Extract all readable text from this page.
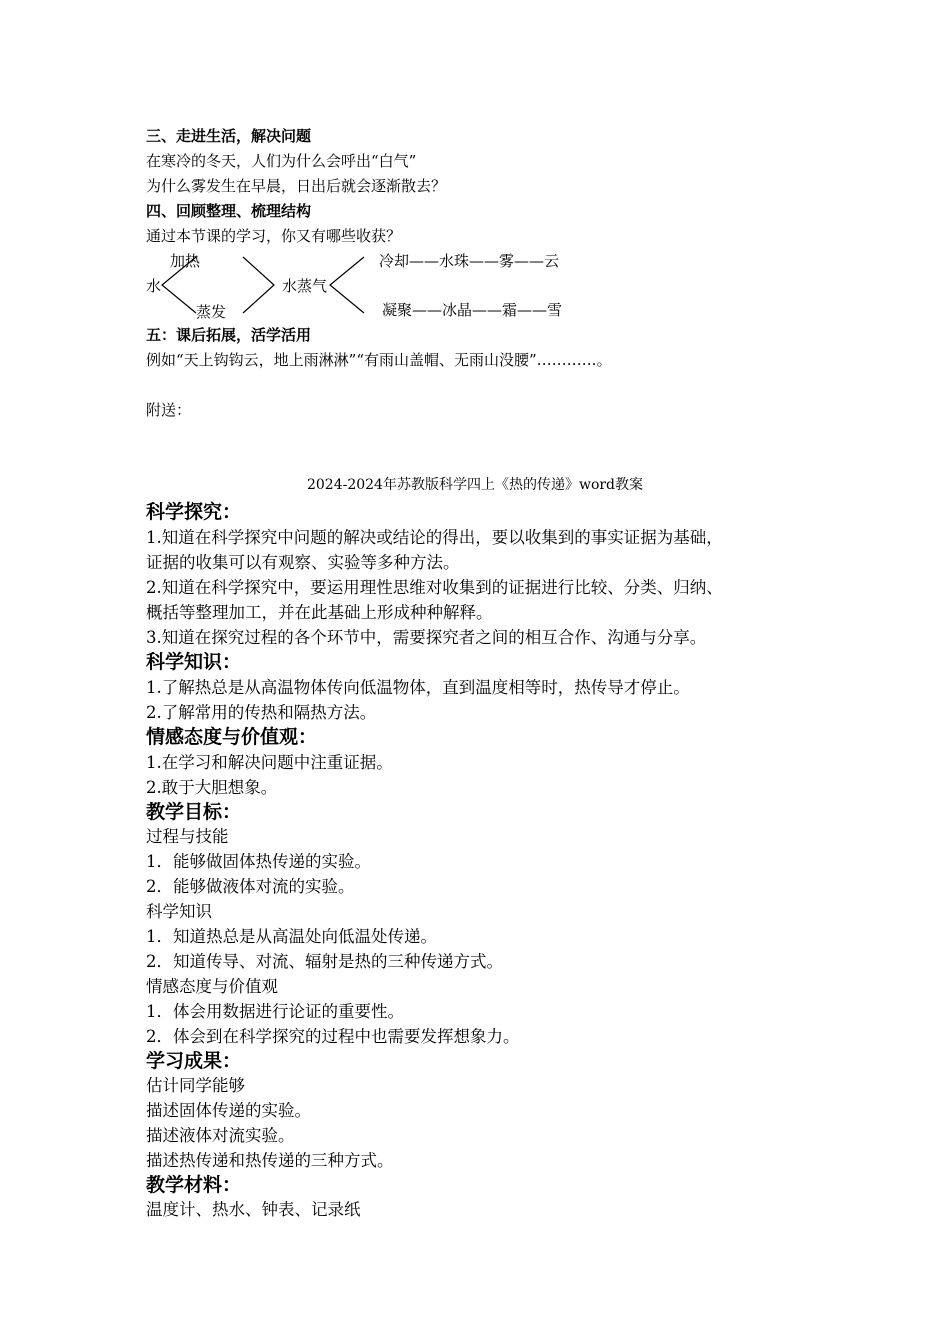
三、走进生活，解决问题
在寒冷的冬天，人们为什么会呼出“白气”
为什么雾发生在早晨，日出后就会逐渐散去？
四、回顾整理、梳理结构
通过本节课的学习，你又有哪些收获？
水
加热
蒸发
水蒸气
冷却——水珠——雾——云
凝聚——冰晶——霜——雪
五：课后拓展，活学活用
例如“天上钩钩云，地上雨淋淋”“有雨山盖帽、无雨山没腰”…………。
附送：
2024-2024年苏教版科学四上《热的传递》word教案
科学探究：
1.知道在科学探究中问题的解决或结论的得出，要以收集到的事实证据为基础，
证据的收集可以有观察、实验等多种方法。
2.知道在科学探究中，要运用理性思维对收集到的证据进行比较、分类、归纳、
概括等整理加工，并在此基础上形成种种解释。
3.知道在探究过程的各个环节中，需要探究者之间的相互合作、沟通与分享。
科学知识：
1.了解热总是从高温物体传向低温物体，直到温度相等时，热传导才停止。
2.了解常用的传热和隔热方法。
情感态度与价值观：
1.在学习和解决问题中注重证据。
2.敢于大胆想象。
教学目标：
过程与技能
1．能够做固体热传递的实验。
2．能够做液体对流的实验。
科学知识
1．知道热总是从高温处向低温处传递。
2．知道传导、对流、辐射是热的三种传递方式。
情感态度与价值观
1．体会用数据进行论证的重要性。
2．体会到在科学探究的过程中也需要发挥想象力。
学习成果：
估计同学能够
描述固体传递的实验。
描述液体对流实验。
描述热传递和热传递的三种方式。
教学材料：
温度计、热水、钟表、记录纸
